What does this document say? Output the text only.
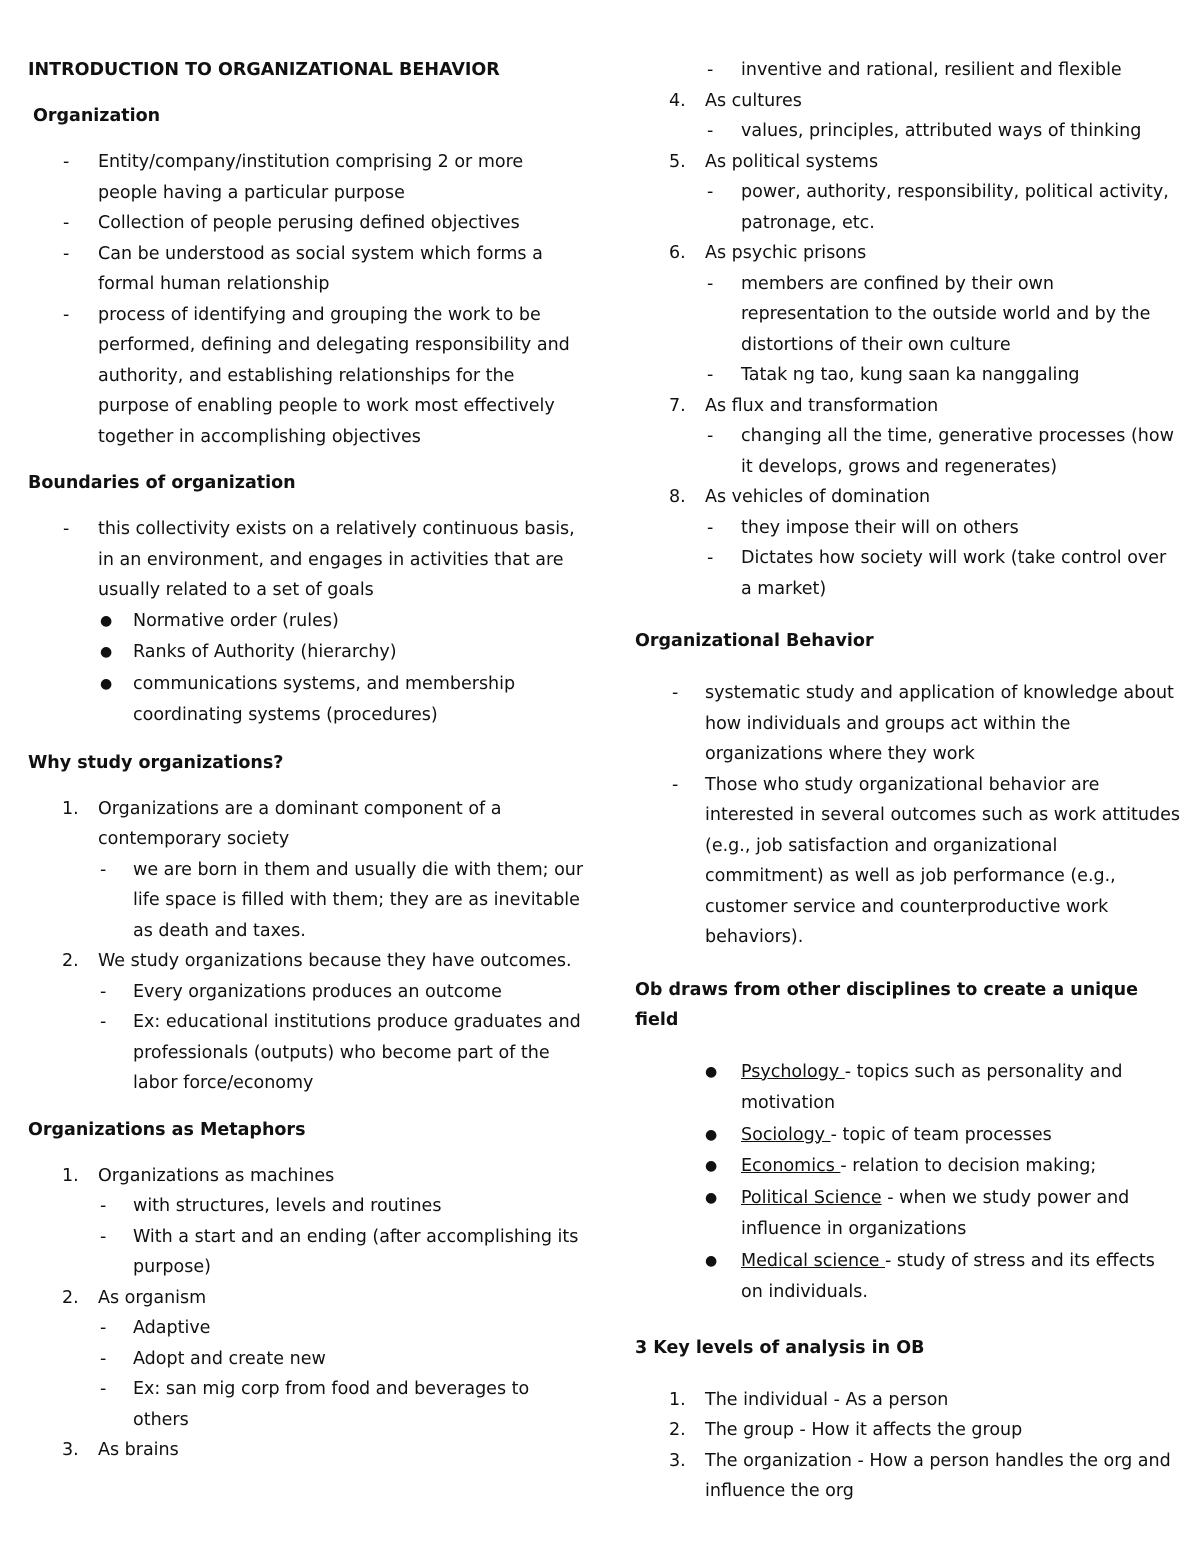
INTRODUCTION TO ORGANIZATIONAL BEHAVIOR
Organization
- Entity/company/institution comprising 2 or more people having a particular purpose
- Collection of people perusing defined objectives
- Can be understood as social system which forms a formal human relationship
- process of identifying and grouping the work to be performed, defining and delegating responsibility and authority, and establishing relationships for the purpose of enabling people to work most effectively together in accomplishing objectives
Boundaries of organization
- this collectivity exists on a relatively continuous basis, in an environment, and engages in activities that are usually related to a set of goals
● Normative order (rules)
● Ranks of Authority (hierarchy)
● communications systems, and membership coordinating systems (procedures)
Why study organizations?
1. Organizations are a dominant component of a contemporary society
- we are born in them and usually die with them; our life space is filled with them; they are as inevitable as death and taxes.
2. We study organizations because they have outcomes.
- Every organizations produces an outcome
- Ex: educational institutions produce graduates and professionals (outputs) who become part of the labor force/economy
Organizations as Metaphors
1. Organizations as machines
- with structures, levels and routines
- With a start and an ending (after accomplishing its purpose)
2. As organism
- Adaptive
- Adopt and create new
- Ex: san mig corp from food and beverages to others
3. As brains
- inventive and rational, resilient and flexible
4. As cultures
- values, principles, attributed ways of thinking
5. As political systems
- power, authority, responsibility, political activity, patronage, etc.
6. As psychic prisons
- members are confined by their own representation to the outside world and by the distortions of their own culture
- Tatak ng tao, kung saan ka nanggaling
7. As flux and transformation
- changing all the time, generative processes (how it develops, grows and regenerates)
8. As vehicles of domination
- they impose their will on others
- Dictates how society will work (take control over a market)
Organizational Behavior
- systematic study and application of knowledge about how individuals and groups act within the organizations where they work
- Those who study organizational behavior are interested in several outcomes such as work attitudes (e.g., job satisfaction and organizational commitment) as well as job performance (e.g., customer service and counterproductive work behaviors).
Ob draws from other disciplines to create a unique field
● Psychology - topics such as personality and motivation
● Sociology - topic of team processes
● Economics - relation to decision making;
● Political Science - when we study power and influence in organizations
● Medical science - study of stress and its effects on individuals.
3 Key levels of analysis in OB
1. The individual - As a person
2. The group - How it affects the group
3. The organization - How a person handles the org and influence the org
